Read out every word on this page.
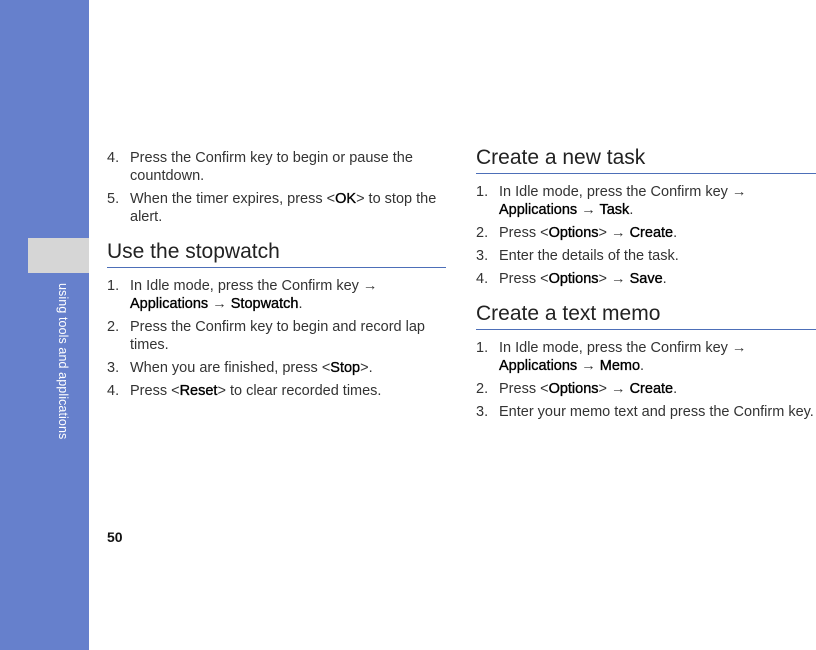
using tools and applications
50
4. Press the Confirm key to begin or pause the countdown.
5. When the timer expires, press <OK> to stop the alert.
Use the stopwatch
1. In Idle mode, press the Confirm key →
Applications → Stopwatch.
2. Press the Confirm key to begin and record lap times.
3. When you are finished, press <Stop>.
4. Press <Reset> to clear recorded times.
Create a new task
1. In Idle mode, press the Confirm key →
Applications → Task.
2. Press <Options> → Create.
3. Enter the details of the task.
4. Press <Options> → Save.
Create a text memo
1. In Idle mode, press the Confirm key →
Applications → Memo.
2. Press <Options> → Create.
3. Enter your memo text and press the Confirm key.
